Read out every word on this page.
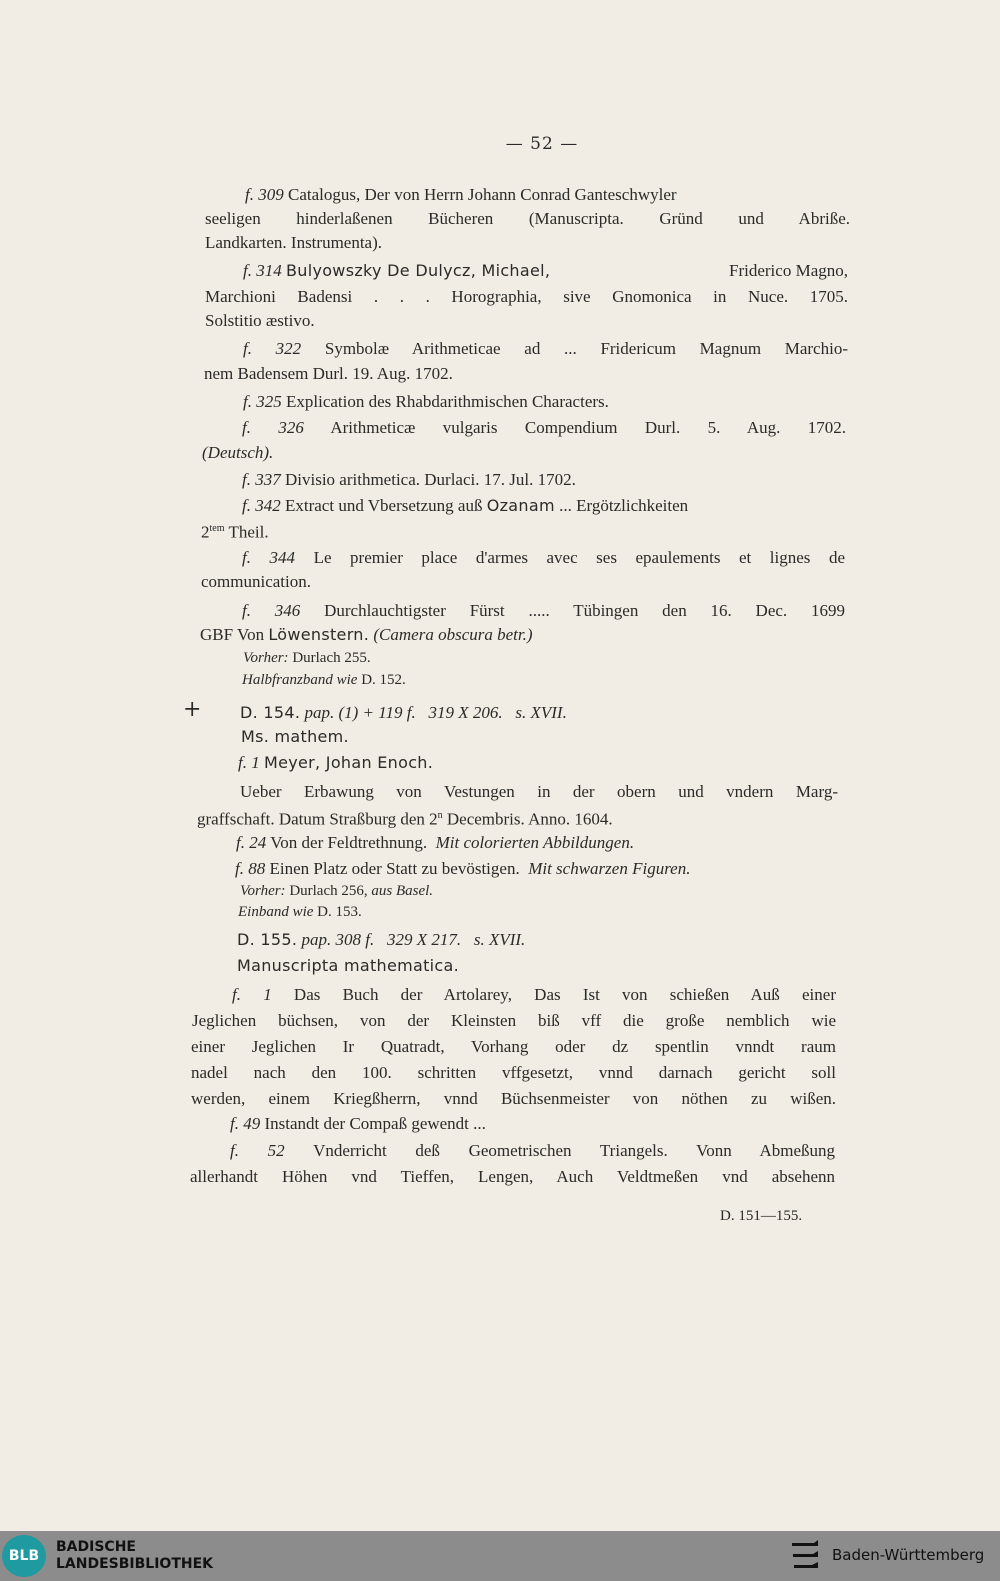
— 52 —
f. 309 Catalogus, Der von Herrn Johann Conrad Ganteschwyler
seeligen hinderlaßenen Bücheren (Manuscripta. Gründ und Abriße.
Landkarten. Instrumenta).
f. 314 Bulyowszky De Dulycz, Michael,	Friderico Magno,
Marchioni Badensi . . . Horographia, sive Gnomonica in Nuce. 1705.
Solstitio æstivo.
f. 322 Symbolæ Arithmeticae ad ... Fridericum Magnum Marchio-
nem Badensem Durl. 19. Aug. 1702.
f. 325 Explication des Rhabdarithmischen Characters.
f. 326 Arithmeticæ vulgaris Compendium Durl. 5. Aug. 1702.
(Deutsch).
f. 337 Divisio arithmetica. Durlaci. 17. Jul. 1702.
f. 342 Extract und Vbersetzung auß Ozanam ... Ergötzlichkeiten
$2^{tem}$ Theil.
f. 344 Le premier place d'armes avec ses epaulements et lignes de
communication.
f. 346 Durchlauchtigster Fürst ..... Tübingen den 16. Dec. 1699
GBF Von Löwenstern. (Camera obscura betr.)
Vorher: Durlach 255.
Halbfranzband wie D. 152.
+ D. 154. pap. (1) + 119 f. 319 X 206. s. XVII.
Ms. mathem.
f. 1 Meyer, Johan Enoch.
Ueber Erbawung von Vestungen in der obern und vndern Marg-
graffschaft. Datum Straßburg den 2$^n$ Decembris. Anno. 1604.
f. 24 Von der Feldtrethnung. Mit colorierten Abbildungen.
f. 88 Einen Platz oder Statt zu bevöstigen. Mit schwarzen Figuren.
Vorher: Durlach 256, aus Basel.
Einband wie D. 153.
D. 155. pap. 308 f. 329 X 217. s. XVII.
Manuscripta mathematica.
f. 1 Das Buch der Artolarey, Das Ist von schießen Auß einer
Jeglichen büchsen, von der Kleinsten biß vff die große nemblich wie
einer Jeglichen Ir Quatradt, Vorhang oder dz spentlin vnndt raum
nadel nach den 100. schritten vffgesetzt, vnnd darnach gericht soll
werden, einem Kriegßherrn, vnnd Büchsenmeister von nöthen zu wißen.
f. 49 Instandt der Compaß gewendt ...
f. 52 Vnderricht deß Geometrischen Triangels. Vonn Abmeßung
allerhandt Höhen vnd Tieffen, Lengen, Auch Veldtmeßen vnd absehenn
D. 151—155.
BLB
BADISCHE
LANDESBIBLIOTHEK	Baden-Württemberg
